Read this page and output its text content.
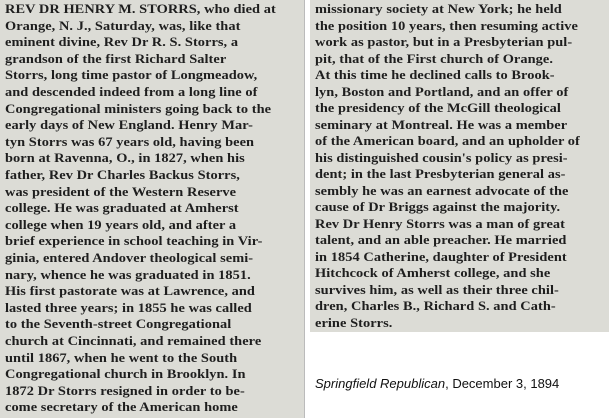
REV DR HENRY M. STORRS, who died at
Orange, N. J., Saturday, was, like that
eminent divine, Rev Dr R. S. Storrs, a
grandson of the first Richard Salter
Storrs, long time pastor of Longmeadow,
and descended indeed from a long line of
Congregational ministers going back to the
early days of New England. Henry Mar-
tyn Storrs was 67 years old, having been
born at Ravenna, O., in 1827, when his
father, Rev Dr Charles Backus Storrs,
was president of the Western Reserve
college. He was graduated at Amherst
college when 19 years old, and after a
brief experience in school teaching in Vir-
ginia, entered Andover theological semi-
nary, whence he was graduated in 1851.
His first pastorate was at Lawrence, and
lasted three years; in 1855 he was called
to the Seventh-street Congregational
church at Cincinnati, and remained there
until 1867, when he went to the South
Congregational church in Brooklyn. In
1872 Dr Storrs resigned in order to be-
come secretary of the American home
missionary society at New York; he held
the position 10 years, then resuming active
work as pastor, but in a Presbyterian pul-
pit, that of the First church of Orange.
At this time he declined calls to Brook-
lyn, Boston and Portland, and an offer of
the presidency of the McGill theological
seminary at Montreal. He was a member
of the American board, and an upholder of
his distinguished cousin's policy as presi-
dent; in the last Presbyterian general as-
sembly he was an earnest advocate of the
cause of Dr Briggs against the majority.
Rev Dr Henry Storrs was a man of great
talent, and an able preacher. He married
in 1854 Catherine, daughter of President
Hitchcock of Amherst college, and she
survives him, as well as their three chil-
dren, Charles B., Richard S. and Cath-
erine Storrs.
Springfield Republican, December 3, 1894
